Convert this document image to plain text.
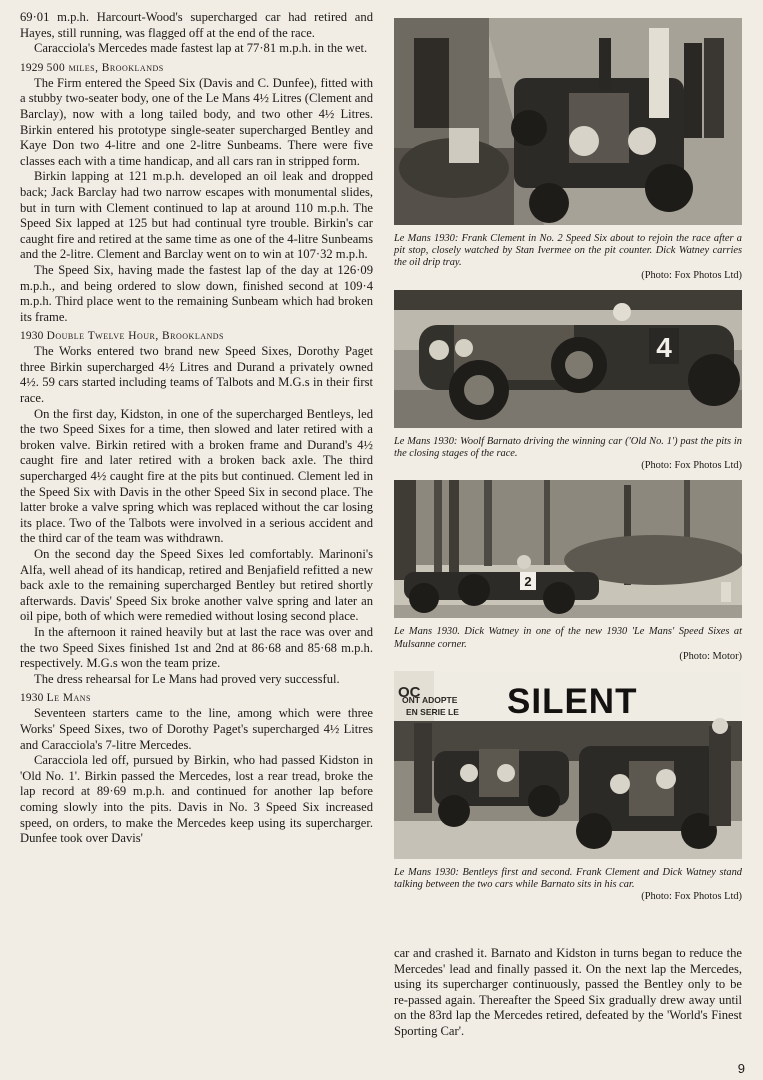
69·01 m.p.h. Harcourt-Wood's supercharged car had retired and Hayes, still running, was flagged off at the end of the race.

Caracciola's Mercedes made fastest lap at 77·81 m.p.h. in the wet.

1929 500 miles, Brooklands

The Firm entered the Speed Six (Davis and C. Dunfee), fitted with a stubby two-seater body, one of the Le Mans 4½ Litres (Clement and Barclay), now with a long tailed body, and two other 4½ Litres. Birkin entered his prototype single-seater supercharged Bentley and Kaye Don two 4-litre and one 2-litre Sunbeams. There were five classes each with a time handicap, and all cars ran in stripped form.

Birkin lapping at 121 m.p.h. developed an oil leak and dropped back; Jack Barclay had two narrow escapes with monumental slides, but in turn with Clement continued to lap at around 110 m.p.h. The Speed Six lapped at 125 but had continual tyre trouble. Birkin's car caught fire and retired at the same time as one of the 4-litre Sunbeams and the 2-litre. Clement and Barclay went on to win at 107·32 m.p.h.

The Speed Six, having made the fastest lap of the day at 126·09 m.p.h., and being ordered to slow down, finished second at 109·4 m.p.h. Third place went to the remaining Sunbeam which had broken its frame.

1930 Double Twelve Hour, Brooklands

The Works entered two brand new Speed Sixes, Dorothy Paget three Birkin supercharged 4½ Litres and Durand a privately owned 4½. 59 cars started including teams of Talbots and M.G.s in their first race.

On the first day, Kidston, in one of the supercharged Bentleys, led the two Speed Sixes for a time, then slowed and later retired with a broken valve. Birkin retired with a broken frame and Durand's 4½ caught fire and later retired with a broken back axle. The third supercharged 4½ caught fire at the pits but continued. Clement led in the Speed Six with Davis in the other Speed Six in second place. The latter broke a valve spring which was replaced without the car losing its place. Two of the Talbots were involved in a serious accident and the third car of the team was withdrawn.

On the second day the Speed Sixes led comfortably. Marinoni's Alfa, well ahead of its handicap, retired and Benjafield refitted a new back axle to the remaining supercharged Bentley but retired shortly afterwards. Davis' Speed Six broke another valve spring and later an oil pipe, both of which were remedied without losing second place.

In the afternoon it rained heavily but at last the race was over and the two Speed Sixes finished 1st and 2nd at 86·68 and 85·68 m.p.h. respectively. M.G.s won the team prize.

The dress rehearsal for Le Mans had proved very successful.

1930 Le Mans

Seventeen starters came to the line, among which were three Works' Speed Sixes, two of Dorothy Paget's supercharged 4½ Litres and Caracciola's 7-litre Mercedes.

Caracciola led off, pursued by Birkin, who had passed Kidston in 'Old No. 1'. Birkin passed the Mercedes, lost a rear tread, broke the lap record at 89·69 m.p.h. and continued for another lap before coming slowly into the pits. Davis in No. 3 Speed Six increased speed, on orders, to make the Mercedes keep using its supercharger. Dunfee took over Davis'

Le Mans 1930: Frank Clement in No. 2 Speed Six about to rejoin the race after a pit stop, closely watched by Stan Ivermee on the pit counter. Dick Watney carries the oil drip tray.
(Photo: Fox Photos Ltd)

4

Le Mans 1930: Woolf Barnato driving the winning car ('Old No. 1') past the pits in the closing stages of the race.
(Photo: Fox Photos Ltd)

2

Le Mans 1930. Dick Watney in one of the new 1930 'Le Mans' Speed Sixes at Mulsanne corner.
(Photo: Motor)

OC
ONT ADOPTE
EN SERIE LE SILENT

Le Mans 1930: Bentleys first and second. Frank Clement and Dick Watney stand talking between the two cars while Barnato sits in his car.
(Photo: Fox Photos Ltd)

car and crashed it. Barnato and Kidston in turns began to reduce the Mercedes' lead and finally passed it. On the next lap the Mercedes, using its supercharger continuously, passed the Bentley only to be re-passed again. Thereafter the Speed Six gradually drew away until on the 83rd lap the Mercedes retired, defeated by the 'World's Finest Sporting Car'.

9
